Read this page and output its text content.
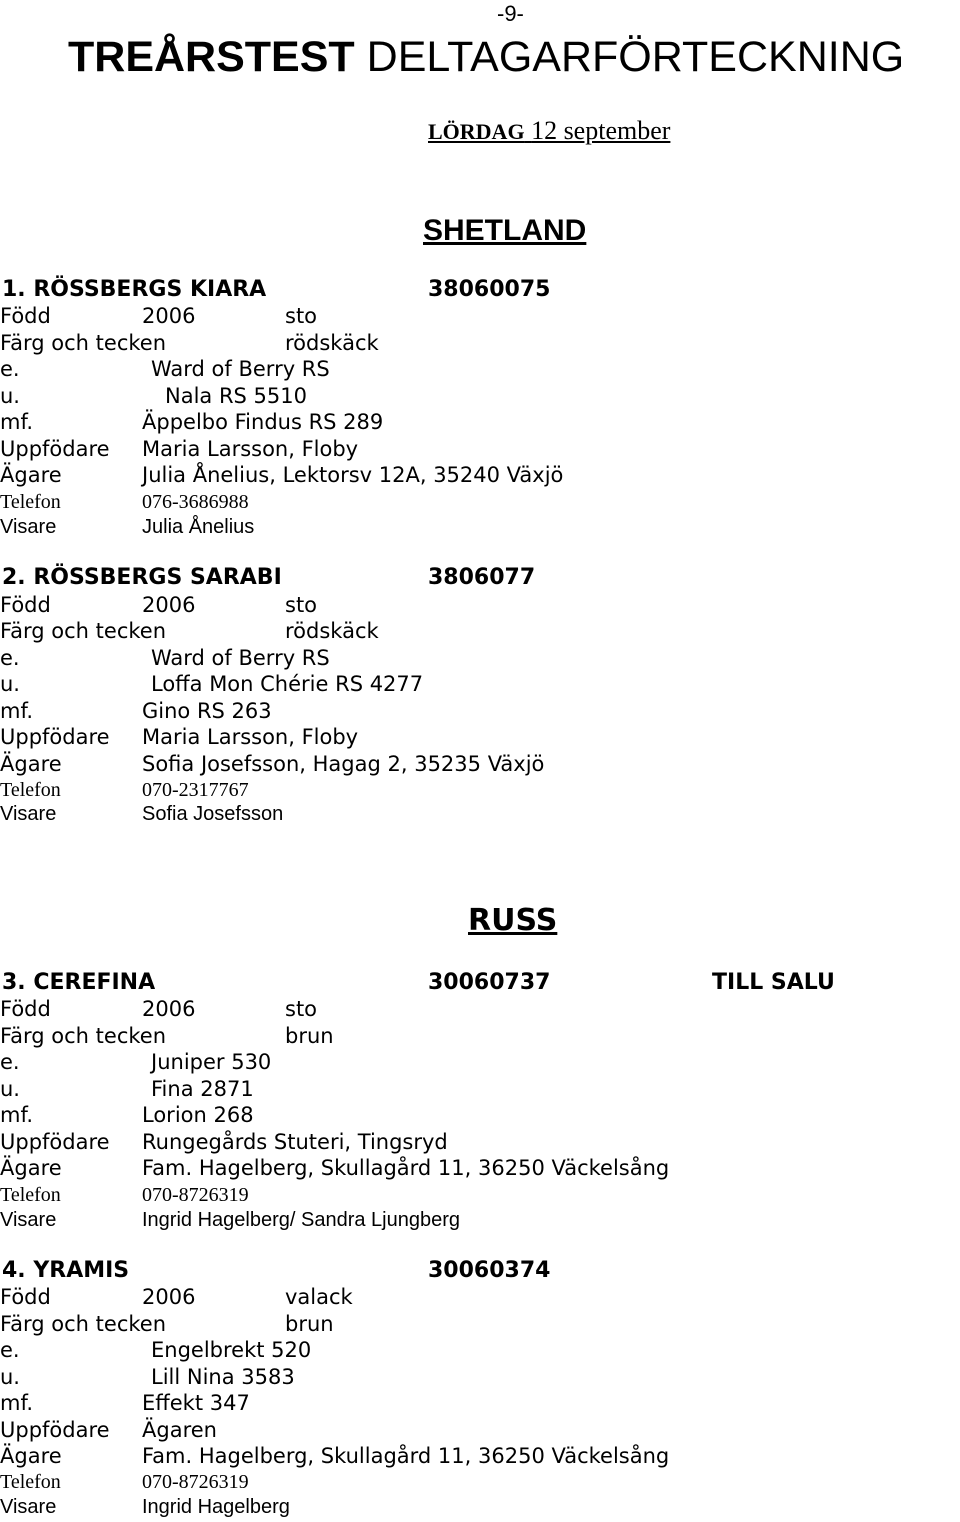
-9-
TREÅRSTEST DELTAGARFÖRTECKNING
LÖRDAG 12 september
SHETLAND
1. RÖSSBERGS KIARA	38060075
Född	2006	sto
Färg och tecken	rödskäck
e.	Ward of Berry RS
u.	Nala RS 5510
mf.	Äppelbo Findus RS 289
Uppfödare Maria Larsson, Floby
Ägare	Julia Ånelius, Lektorsv 12A, 35240 Växjö
Telefon	076-3686988
Visare	Julia Ånelius
2. RÖSSBERGS SARABI	3806077
Född	2006	sto
Färg och tecken	rödskäck
e.	Ward of Berry RS
u.	Loffa Mon Chérie RS 4277
mf.	Gino RS 263
Uppfödare Maria Larsson, Floby
Ägare	Sofia Josefsson, Hagag 2, 35235 Växjö
Telefon	070-2317767
Visare	Sofia Josefsson
RUSS
3. CEREFINA	30060737	TILL SALU
Född	2006	sto
Färg och tecken	brun
e.	Juniper 530
u.	Fina 2871
mf.	Lorion 268
Uppfödare Rungegårds Stuteri, Tingsryd
Ägare	Fam. Hagelberg, Skullagård 11, 36250 Väckelsång
Telefon	070-8726319
Visare	Ingrid Hagelberg/ Sandra Ljungberg
4. YRAMIS	30060374
Född	2006	valack
Färg och tecken	brun
e.	Engelbrekt 520
u.	Lill Nina 3583
mf.	Effekt 347
Uppfödare Ägaren
Ägare	Fam. Hagelberg, Skullagård 11, 36250 Väckelsång
Telefon	070-8726319
Visare	Ingrid Hagelberg
